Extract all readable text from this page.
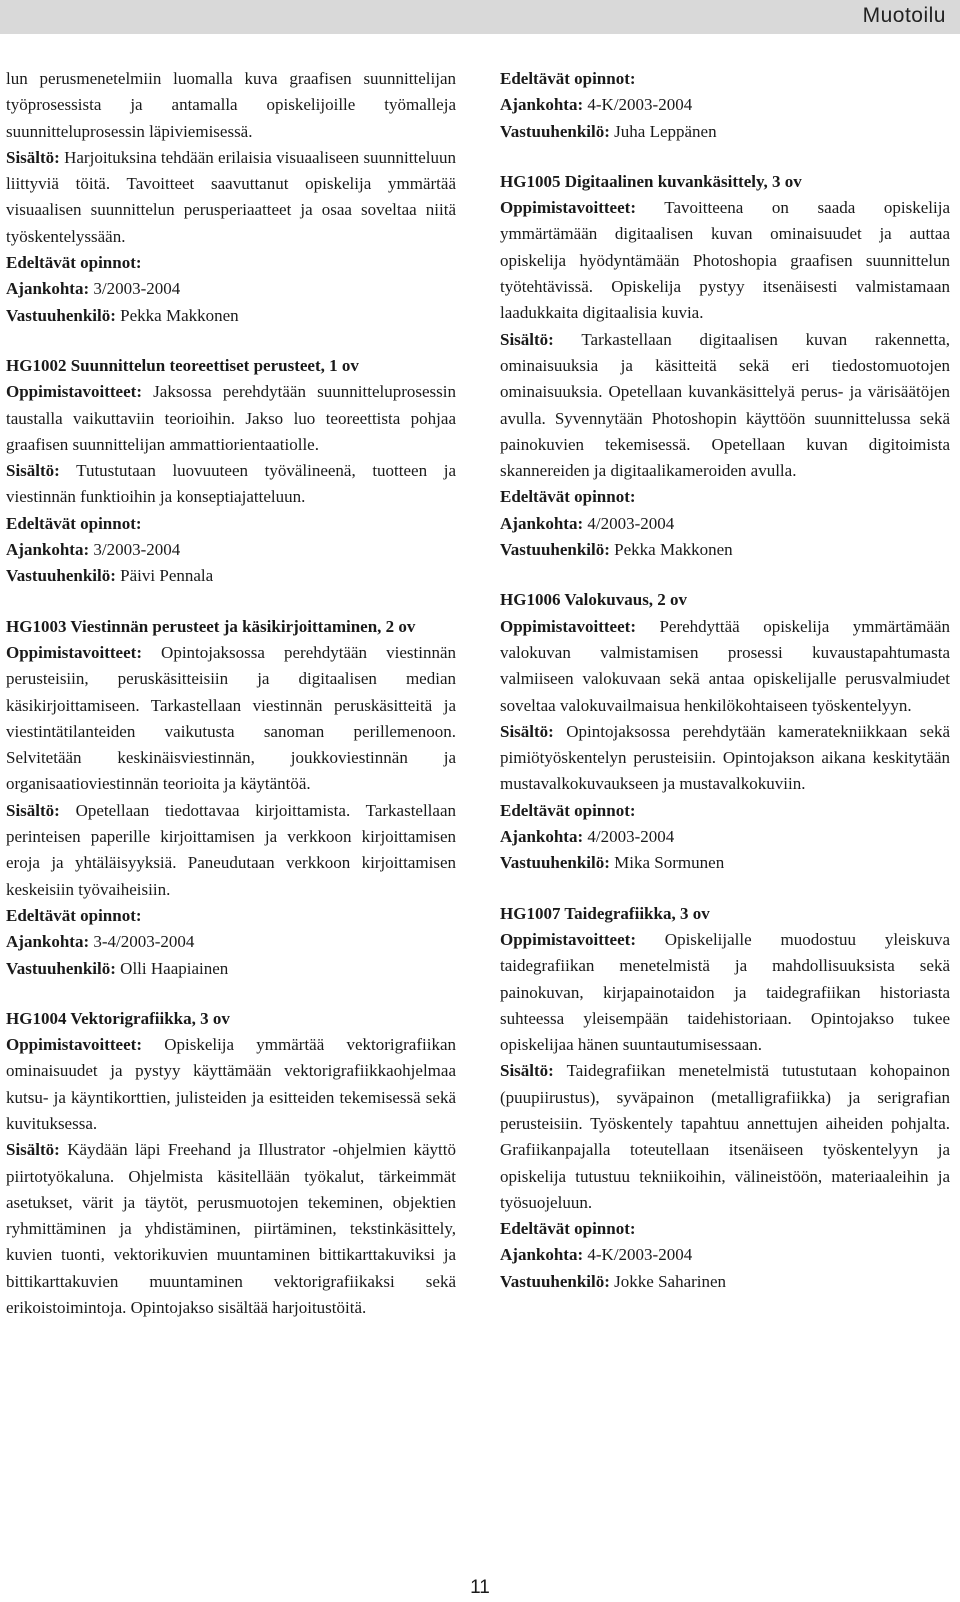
Muotoilu

lun perusmenetelmiin luomalla kuva graafisen suunnittelijan työprosessista ja antamalla opiskelijoille työmalleja suunnitteluprosessin läpiviemisessä.

Sisältö: Harjoituksina tehdään erilaisia visuaaliseen suunnitteluun liittyviä töitä. Tavoitteet saavuttanut opiskelija ymmärtää visuaalisen suunnittelun perusperiaatteet ja osaa soveltaa niitä työskentelyssään.

Edeltävät opinnot:

Ajankohta: 3/2003-2004

Vastuuhenkilö: Pekka Makkonen

HG1002 Suunnittelun teoreettiset perusteet, 1 ov

Oppimistavoitteet: Jaksossa perehdytään suunnitteluprosessin taustalla vaikuttaviin teorioihin. Jakso luo teoreettista pohjaa graafisen suunnittelijan ammattiorientaatiolle.

Sisältö: Tutustutaan luovuuteen työvälineenä, tuotteen ja viestinnän funktioihin ja konseptiajatteluun.

Edeltävät opinnot:

Ajankohta: 3/2003-2004

Vastuuhenkilö: Päivi Pennala

HG1003 Viestinnän perusteet ja käsikirjoittaminen, 2 ov

Oppimistavoitteet: Opintojaksossa perehdytään viestinnän perusteisiin, peruskäsitteisiin ja digitaalisen median käsikirjoittamiseen. Tarkastellaan viestinnän peruskäsitteitä ja viestintätilanteiden vaikutusta sanoman perillemenoon. Selvitetään keskinäisviestinnän, joukkoviestinnän ja organisaatioviestinnän teorioita ja käytäntöä.

Sisältö: Opetellaan tiedottavaa kirjoittamista. Tarkastellaan perinteisen paperille kirjoittamisen ja verkkoon kirjoittamisen eroja ja yhtäläisyyksiä. Paneudutaan verkkoon kirjoittamisen keskeisiin työvaiheisiin.

Edeltävät opinnot:

Ajankohta: 3-4/2003-2004

Vastuuhenkilö: Olli Haapiainen

HG1004 Vektorigrafiikka, 3 ov

Oppimistavoitteet: Opiskelija ymmärtää vektorigrafiikan ominaisuudet ja pystyy käyttämään vektorigrafiikkaohjelmaa kutsu- ja käyntikorttien, julisteiden ja esitteiden tekemisessä sekä kuvituksessa.

Sisältö: Käydään läpi Freehand ja Illustrator -ohjelmien käyttö piirtotyökaluna. Ohjelmista käsitellään työkalut, tärkeimmät asetukset, värit ja täytöt, perusmuotojen tekeminen, objektien ryhmittäminen ja yhdistäminen, piirtäminen, tekstinkäsittely, kuvien tuonti, vektorikuvien muuntaminen bittikarttakuviksi ja bittikarttakuvien muuntaminen vektorigrafiikaksi sekä erikoistoimintoja. Opintojakso sisältää harjoitustöitä.

Edeltävät opinnot:

Ajankohta: 4-K/2003-2004

Vastuuhenkilö: Juha Leppänen

HG1005 Digitaalinen kuvankäsittely, 3 ov

Oppimistavoitteet: Tavoitteena on saada opiskelija ymmärtämään digitaalisen kuvan ominaisuudet ja auttaa opiskelija hyödyntämään Photoshopia graafisen suunnittelun työtehtävissä. Opiskelija pystyy itsenäisesti valmistamaan laadukkaita digitaalisia kuvia.

Sisältö: Tarkastellaan digitaalisen kuvan rakennetta, ominaisuuksia ja käsitteitä sekä eri tiedostomuotojen ominaisuuksia. Opetellaan kuvankäsittelyä perus- ja värisäätöjen avulla. Syvennytään Photoshopin käyttöön suunnittelussa sekä painokuvien tekemisessä. Opetellaan kuvan digitoimista skannereiden ja digitaalikameroiden avulla.

Edeltävät opinnot:

Ajankohta: 4/2003-2004

Vastuuhenkilö: Pekka Makkonen

HG1006 Valokuvaus, 2 ov

Oppimistavoitteet: Perehdyttää opiskelija ymmärtämään valokuvan valmistamisen prosessi kuvaustapahtumasta valmiiseen valokuvaan sekä antaa opiskelijalle perusvalmiudet soveltaa valokuvailmaisua henkilökohtaiseen työskentelyyn.

Sisältö: Opintojaksossa perehdytään kameratekniikkaan sekä pimiötyöskentelyn perusteisiin. Opintojakson aikana keskitytään mustavalkokuvaukseen ja mustavalkokuviin.

Edeltävät opinnot:

Ajankohta: 4/2003-2004

Vastuuhenkilö: Mika Sormunen

HG1007 Taidegrafiikka, 3 ov

Oppimistavoitteet: Opiskelijalle muodostuu yleiskuva taidegrafiikan menetelmistä ja mahdollisuuksista sekä painokuvan, kirjapainotaidon ja taidegrafiikan historiasta suhteessa yleisempään taidehistoriaan. Opintojakso tukee opiskelijaa hänen suuntautumisessaan.

Sisältö: Taidegrafiikan menetelmistä tutustutaan kohopainon (puupiirustus), syväpainon (metalligrafiikka) ja serigrafian perusteisiin. Työskentely tapahtuu annettujen aiheiden pohjalta. Grafiikanpajalla toteutellaan itsenäiseen työskentelyyn ja opiskelija tutustuu tekniikoihin, välineistöön, materiaaleihin ja työsuojeluun.

Edeltävät opinnot:

Ajankohta: 4-K/2003-2004

Vastuuhenkilö: Jokke Saharinen

11
